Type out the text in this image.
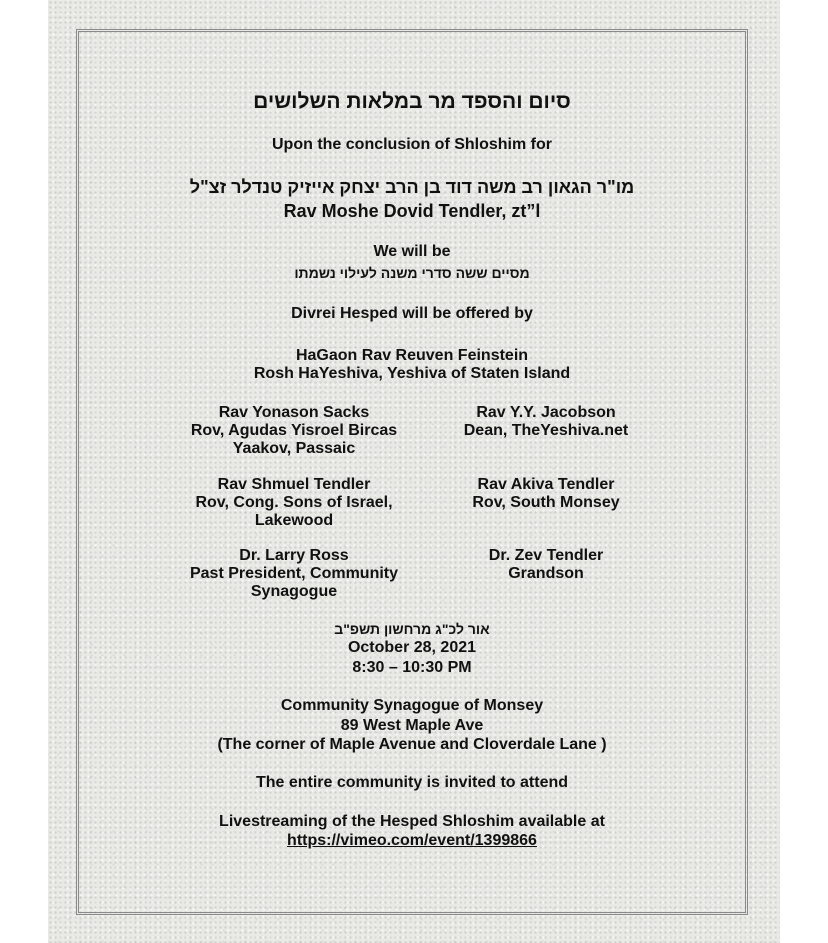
סיום והספד מר במלאות השלושים
Upon the conclusion of Shloshim for
מו"ר הגאון רב משה דוד בן הרב יצחק אייזיק טנדלר זצ"ל
Rav Moshe Dovid Tendler, zt”l
We will be
מסיים ששה סדרי משנה לעילוי נשמתו
Divrei Hesped will be offered by
HaGaon Rav Reuven Feinstein
Rosh HaYeshiva, Yeshiva of Staten Island
Rav Yonason Sacks
Rov, Agudas Yisroel Bircas
Yaakov, Passaic
Rav Y.Y. Jacobson
Dean, TheYeshiva.net
Rav Shmuel Tendler
Rov, Cong. Sons of Israel,
Lakewood
Rav Akiva Tendler
Rov, South Monsey
Dr. Larry Ross
Past President, Community
Synagogue
Dr. Zev Tendler
Grandson
אור לכ"ג מרחשון תשפ"ב
October 28, 2021
8:30 – 10:30 PM
Community Synagogue of Monsey
89 West Maple Ave
(The corner of Maple Avenue and Cloverdale Lane )
The entire community is invited to attend
Livestreaming of the Hesped Shloshim available at
https://vimeo.com/event/1399866
